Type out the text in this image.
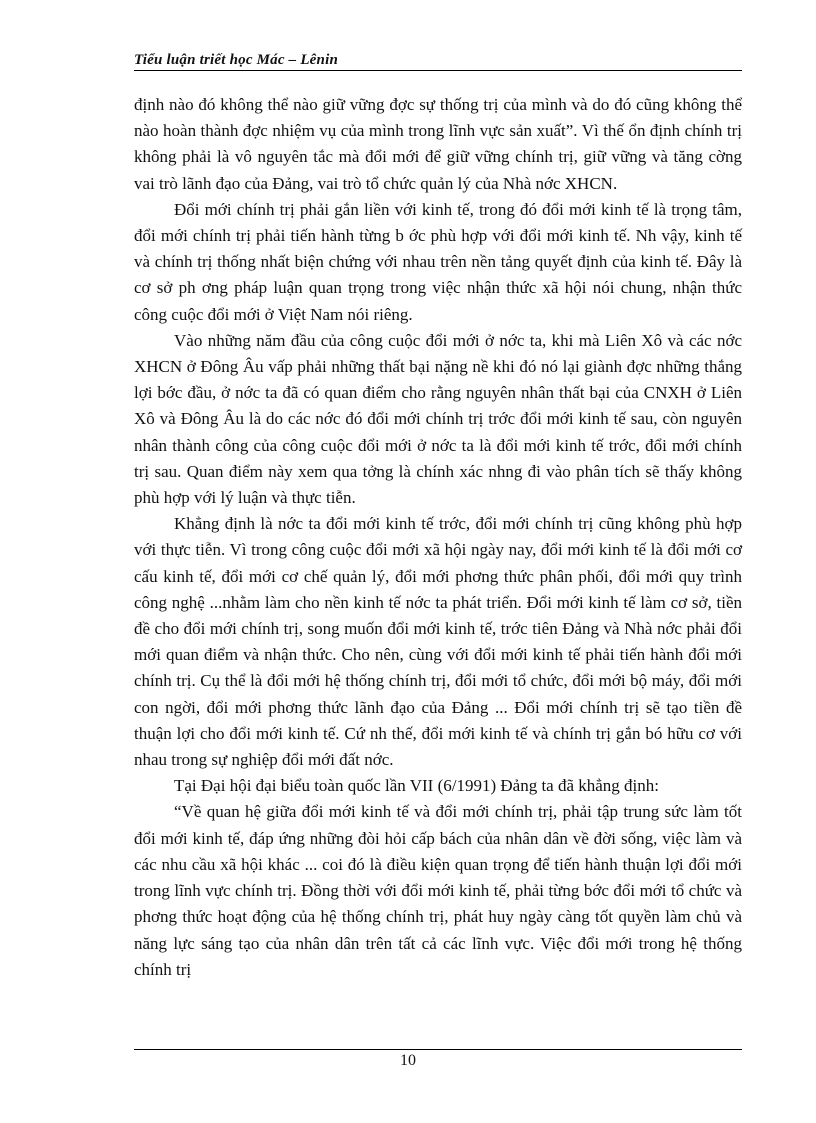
Tiểu luận triết học Mác – Lênin

định nào đó không thể nào giữ vững đợc sự thống trị của mình và do đó cũng không thể nào hoàn thành đợc nhiệm vụ của mình trong lĩnh vực sản xuất”. Vì thế ổn định chính trị không phải là vô nguyên tắc mà đổi mới để giữ vững chính trị, giữ vững và tăng cờng vai trò lãnh đạo của Đảng, vai trò tổ chức quản lý của Nhà nớc XHCN.

Đổi mới chính trị phải gắn liền với kinh tế, trong đó đổi mới kinh tế là trọng tâm, đổi mới chính trị phải tiến hành từng b ớc phù hợp với đổi mới kinh tế. Nh vậy, kinh tế và chính trị thống nhất biện chứng với nhau trên nền tảng quyết định của kinh tế. Đây là cơ sở ph ơng pháp luận quan trọng trong việc nhận thức xã hội nói chung, nhận thức công cuộc đổi mới ở Việt Nam nói riêng.

Vào những năm đầu của công cuộc đổi mới ở nớc ta, khi mà Liên Xô và các nớc XHCN ở Đông Âu vấp phải những thất bại nặng nề khi đó nó lại giành đợc những thắng lợi bớc đầu, ở nớc ta đã có quan điểm cho rằng nguyên nhân thất bại của CNXH ở Liên Xô và Đông Âu là do các nớc đó đổi mới chính trị trớc đổi mới kinh tế sau, còn nguyên nhân thành công của công cuộc đổi mới ở nớc ta là đổi mới kinh tế trớc, đổi mới chính trị sau. Quan điểm này xem qua tởng là chính xác nhng đi vào phân tích sẽ thấy không phù hợp với lý luận và thực tiễn.

Khẳng định là nớc ta đổi mới kinh tế trớc, đổi mới chính trị cũng không phù hợp với thực tiễn. Vì trong công cuộc đổi mới xã hội ngày nay, đổi mới kinh tế là đổi mới cơ cấu kinh tế, đổi mới cơ chế quản lý, đổi mới phơng thức phân phối, đổi mới quy trình công nghệ ...nhằm làm cho nền kinh tế nớc ta phát triển. Đổi mới kinh tế làm cơ sở, tiền đề cho đổi mới chính trị, song muốn đổi mới kinh tế, trớc tiên Đảng và Nhà nớc phải đổi mới quan điểm và nhận thức. Cho nên, cùng với đổi mới kinh tế phải tiến hành đổi mới chính trị. Cụ thể là đổi mới hệ thống chính trị, đổi mới tổ chức, đổi mới bộ máy, đổi mới con ngời, đổi mới phơng thức lãnh đạo của Đảng ... Đổi mới chính trị sẽ tạo tiền đề thuận lợi cho đổi mới kinh tế. Cứ nh thế, đổi mới kinh tế và chính trị gắn bó hữu cơ với nhau trong sự nghiệp đổi mới đất nớc.

Tại Đại hội đại biểu toàn quốc lần VII (6/1991) Đảng ta đã khẳng định:

“Về quan hệ giữa đổi mới kinh tế và đổi mới chính trị, phải tập trung sức làm tốt đổi mới kinh tế, đáp ứng những đòi hỏi cấp bách của nhân dân về đời sống, việc làm và các nhu cầu xã hội khác ... coi đó là điều kiện quan trọng để tiến hành thuận lợi đổi mới trong lĩnh vực chính trị. Đồng thời với đổi mới kinh tế, phải từng bớc đổi mới tổ chức và phơng thức hoạt động của hệ thống chính trị, phát huy ngày càng tốt quyền làm chủ và năng lực sáng tạo của nhân dân trên tất cả các lĩnh vực. Việc đổi mới trong hệ thống chính trị

10
